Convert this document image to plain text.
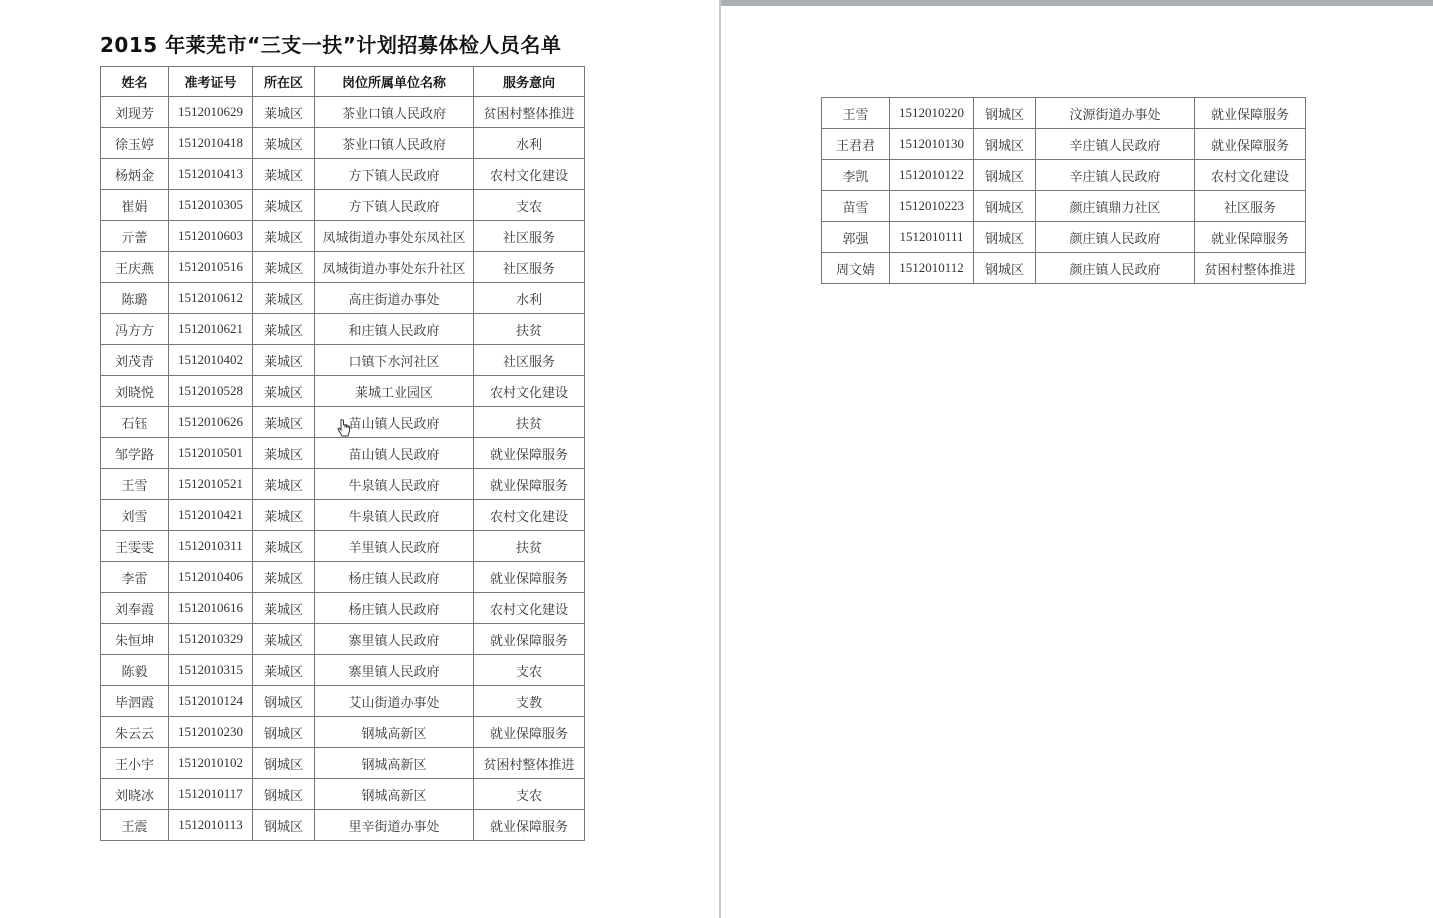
2015 年莱芜市“三支一扶”计划招募体检人员名单
姓名	准考证号	所在区	岗位所属单位名称	服务意向
刘现芳	1512010629	莱城区	茶业口镇人民政府	贫困村整体推进
徐玉婷	1512010418	莱城区	茶业口镇人民政府	水利
杨炳金	1512010413	莱城区	方下镇人民政府	农村文化建设
崔娟	1512010305	莱城区	方下镇人民政府	支农
亓蕾	1512010603	莱城区	凤城街道办事处东凤社区	社区服务
王庆燕	1512010516	莱城区	凤城街道办事处东升社区	社区服务
陈璐	1512010612	莱城区	高庄街道办事处	水利
冯方方	1512010621	莱城区	和庄镇人民政府	扶贫
刘茂青	1512010402	莱城区	口镇下水河社区	社区服务
刘晓悦	1512010528	莱城区	莱城工业园区	农村文化建设
石钰	1512010626	莱城区	苗山镇人民政府	扶贫
邹学路	1512010501	莱城区	苗山镇人民政府	就业保障服务
王雪	1512010521	莱城区	牛泉镇人民政府	就业保障服务
刘雪	1512010421	莱城区	牛泉镇人民政府	农村文化建设
王雯雯	1512010311	莱城区	羊里镇人民政府	扶贫
李雷	1512010406	莱城区	杨庄镇人民政府	就业保障服务
刘奉霞	1512010616	莱城区	杨庄镇人民政府	农村文化建设
朱恒坤	1512010329	莱城区	寨里镇人民政府	就业保障服务
陈毅	1512010315	莱城区	寨里镇人民政府	支农
毕泗霞	1512010124	钢城区	艾山街道办事处	支教
朱云云	1512010230	钢城区	钢城高新区	就业保障服务
王小宇	1512010102	钢城区	钢城高新区	贫困村整体推进
刘晓冰	1512010117	钢城区	钢城高新区	支农
王震	1512010113	钢城区	里辛街道办事处	就业保障服务
王雪	1512010220	钢城区	汶源街道办事处	就业保障服务
王君君	1512010130	钢城区	辛庄镇人民政府	就业保障服务
李凯	1512010122	钢城区	辛庄镇人民政府	农村文化建设
苗雪	1512010223	钢城区	颜庄镇鼎力社区	社区服务
郭强	1512010111	钢城区	颜庄镇人民政府	就业保障服务
周文婧	1512010112	钢城区	颜庄镇人民政府	贫困村整体推进
